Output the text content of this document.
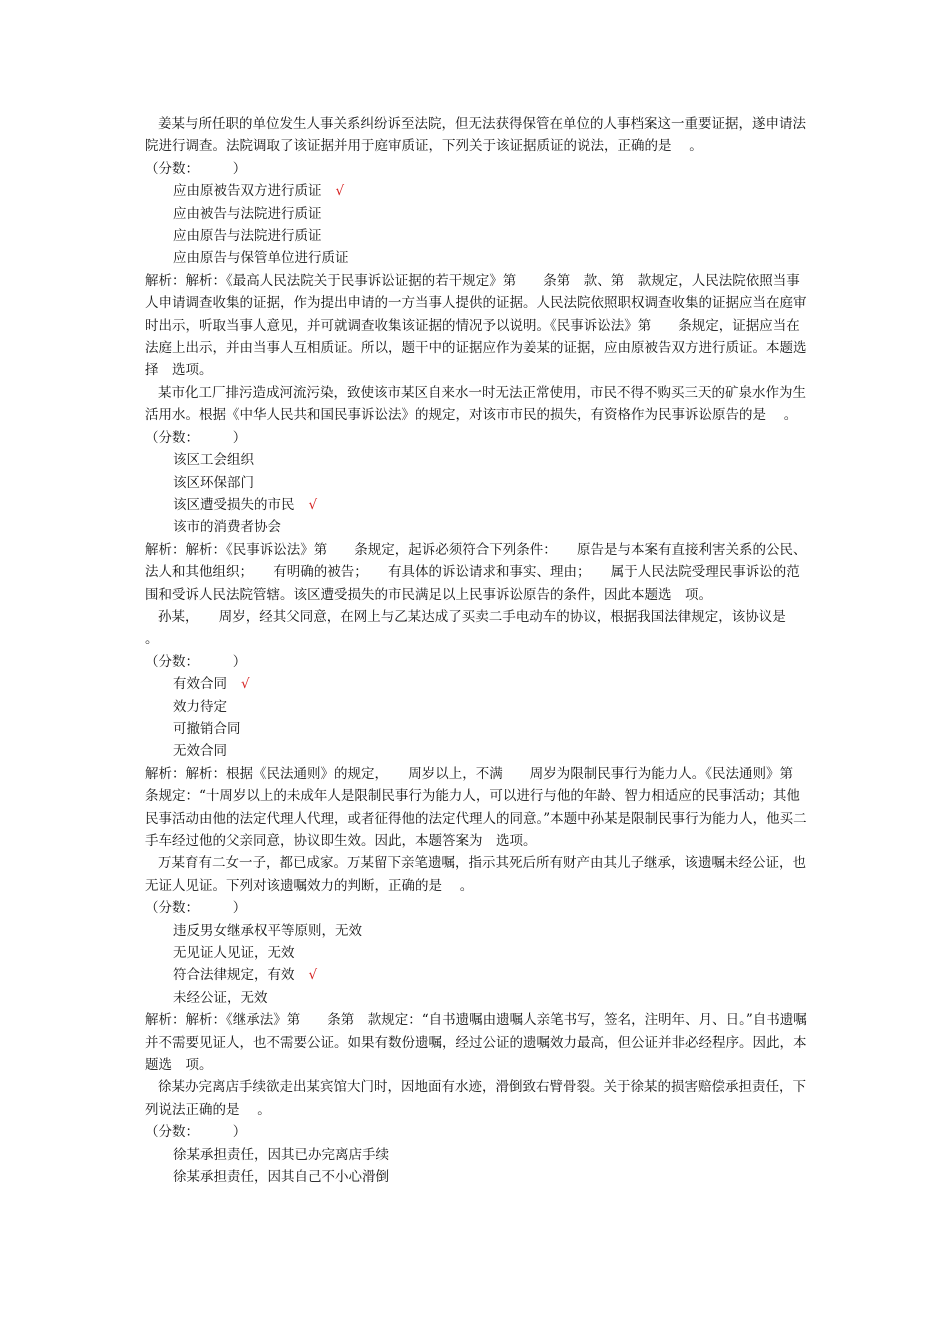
姜某与所任职的单位发生人事关系纠纷诉至法院，但无法获得保管在单位的人事档案这一重要证据，遂申请法院进行调查。法院调取了该证据并用于庭审质证，下列关于该证据质证的说法，正确的是　 。

（分数：　　　）

应由原被告双方进行质证 √

应由被告与法院进行质证

应由原告与法院进行质证

应由原告与保管单位进行质证

解析：解析：《最高人民法院关于民事诉讼证据的若干规定》第　　条第　款、第　款规定，人民法院依照当事人申请调查收集的证据，作为提出申请的一方当事人提供的证据。人民法院依照职权调查收集的证据应当在庭审时出示，听取当事人意见，并可就调查收集该证据的情况予以说明。《民事诉讼法》第　　条规定，证据应当在法庭上出示，并由当事人互相质证。所以，题干中的证据应作为姜某的证据，应由原被告双方进行质证。本题选择　选项。

某市化工厂排污造成河流污染，致使该市某区自来水一时无法正常使用，市民不得不购买三天的矿泉水作为生活用水。根据《中华人民共和国民事诉讼法》的规定，对该市市民的损失，有资格作为民事诉讼原告的是　 。

（分数：　　　）

该区工会组织

该区环保部门

该区遭受损失的市民 √

该市的消费者协会

解析：解析：《民事诉讼法》第　　条规定，起诉必须符合下列条件：　　原告是与本案有直接利害关系的公民、法人和其他组织；　　有明确的被告；　　有具体的诉讼请求和事实、理由；　　属于人民法院受理民事诉讼的范围和受诉人民法院管辖。该区遭受损失的市民满足以上民事诉讼原告的条件，因此本题选　项。

孙某，　　周岁，经其父同意，在网上与乙某达成了买卖二手电动车的协议，根据我国法律规定，该协议是　 。

（分数：　　　）

有效合同 √

效力待定

可撤销合同

无效合同

解析：解析：根据《民法通则》的规定，　　周岁以上，不满　　周岁为限制民事行为能力人。《民法通则》第　　条规定：“十周岁以上的未成年人是限制民事行为能力人，可以进行与他的年龄、智力相适应的民事活动；其他民事活动由他的法定代理人代理，或者征得他的法定代理人的同意。”本题中孙某是限制民事行为能力人，他买二手车经过他的父亲同意，协议即生效。因此，本题答案为　选项。

万某育有二女一子，都已成家。万某留下亲笔遗嘱，指示其死后所有财产由其儿子继承，该遗嘱未经公证，也无证人见证。下列对该遗嘱效力的判断，正确的是　 。

（分数：　　　）

违反男女继承权平等原则，无效

无见证人见证，无效

符合法律规定，有效 √

未经公证，无效

解析：解析：《继承法》第　　条第　款规定：“自书遗嘱由遗嘱人亲笔书写，签名，注明年、月、日。”自书遗嘱并不需要见证人，也不需要公证。如果有数份遗嘱，经过公证的遗嘱效力最高，但公证并非必经程序。因此，本题选　项。

徐某办完离店手续欲走出某宾馆大门时，因地面有水迹，滑倒致右臂骨裂。关于徐某的损害赔偿承担责任，下列说法正确的是　 。

（分数：　　　）

徐某承担责任，因其已办完离店手续

徐某承担责任，因其自己不小心滑倒
